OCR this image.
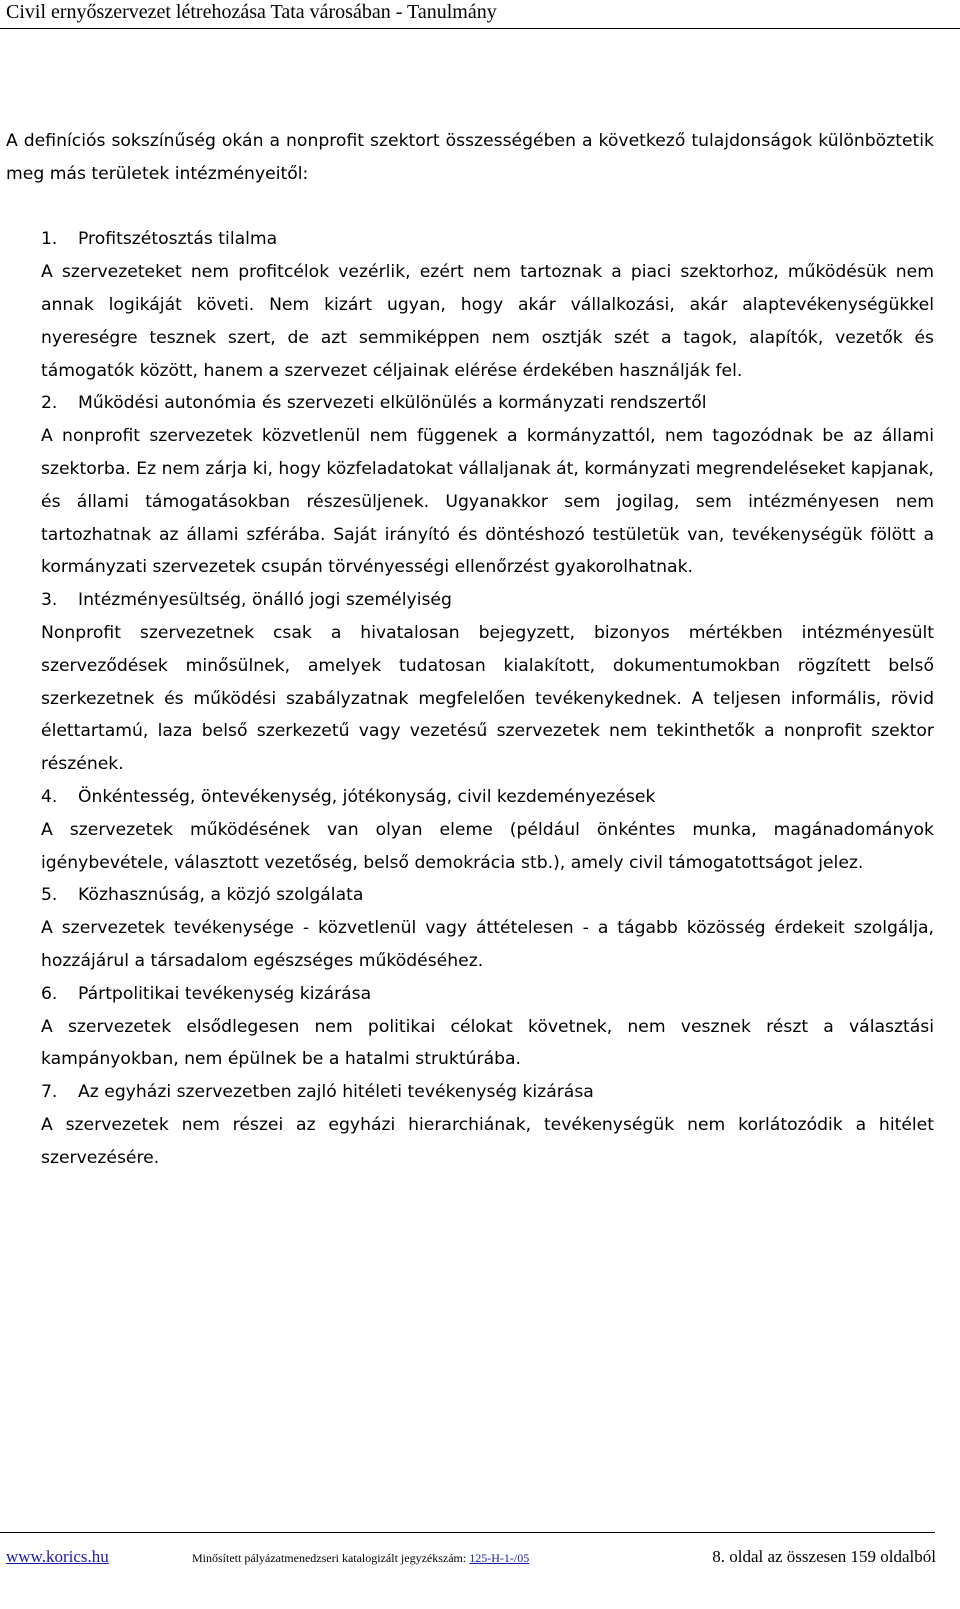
Civil ernyőszervezet létrehozása Tata városában - Tanulmány
A definíciós sokszínűség okán a nonprofit szektort összességében a következő tulajdonságok különböztetik meg más területek intézményeitől:
1. Profitszétosztás tilalma
A szervezeteket nem profitcélok vezérlik, ezért nem tartoznak a piaci szektorhoz, működésük nem annak logikáját követi. Nem kizárt ugyan, hogy akár vállalkozási, akár alaptevékenységükkel nyereségre tesznek szert, de azt semmiképpen nem osztják szét a tagok, alapítók, vezetők és támogatók között, hanem a szervezet céljainak elérése érdekében használják fel.
2. Működési autonómia és szervezeti elkülönülés a kormányzati rendszertől
A nonprofit szervezetek közvetlenül nem függenek a kormányzattól, nem tagozódnak be az állami szektorba. Ez nem zárja ki, hogy közfeladatokat vállaljanak át, kormányzati megrendeléseket kapjanak, és állami támogatásokban részesüljenek. Ugyanakkor sem jogilag, sem intézményesen nem tartozhatnak az állami szférába. Saját irányító és döntéshozó testületük van, tevékenységük fölött a kormányzati szervezetek csupán törvényességi ellenőrzést gyakorolhatnak.
3. Intézményesültség, önálló jogi személyiség
Nonprofit szervezetnek csak a hivatalosan bejegyzett, bizonyos mértékben intézményesült szerveződések minősülnek, amelyek tudatosan kialakított, dokumentumokban rögzített belső szerkezetnek és működési szabályzatnak megfelelően tevékenykednek. A teljesen informális, rövid élettartamú, laza belső szerkezetű vagy vezetésű szervezetek nem tekinthetők a nonprofit szektor részének.
4. Önkéntesség, öntevékenység, jótékonyság, civil kezdeményezések
A szervezetek működésének van olyan eleme (például önkéntes munka, magánadományok igénybevétele, választott vezetőség, belső demokrácia stb.), amely civil támogatottságot jelez.
5. Közhasznúság, a közjó szolgálata
A szervezetek tevékenysége - közvetlenül vagy áttételesen - a tágabb közösség érdekeit szolgálja, hozzájárul a társadalom egészséges működéséhez.
6. Pártpolitikai tevékenység kizárása
A szervezetek elsődlegesen nem politikai célokat követnek, nem vesznek részt a választási kampányokban, nem épülnek be a hatalmi struktúrába.
7. Az egyházi szervezetben zajló hitéleti tevékenység kizárása
A szervezetek nem részei az egyházi hierarchiának, tevékenységük nem korlátozódik a hitélet szervezésére.
www.korics.hu	Minősített pályázatmenedzseri katalogizált jegyzékszám: 125-H-1-/05	8. oldal az összesen 159 oldalból
